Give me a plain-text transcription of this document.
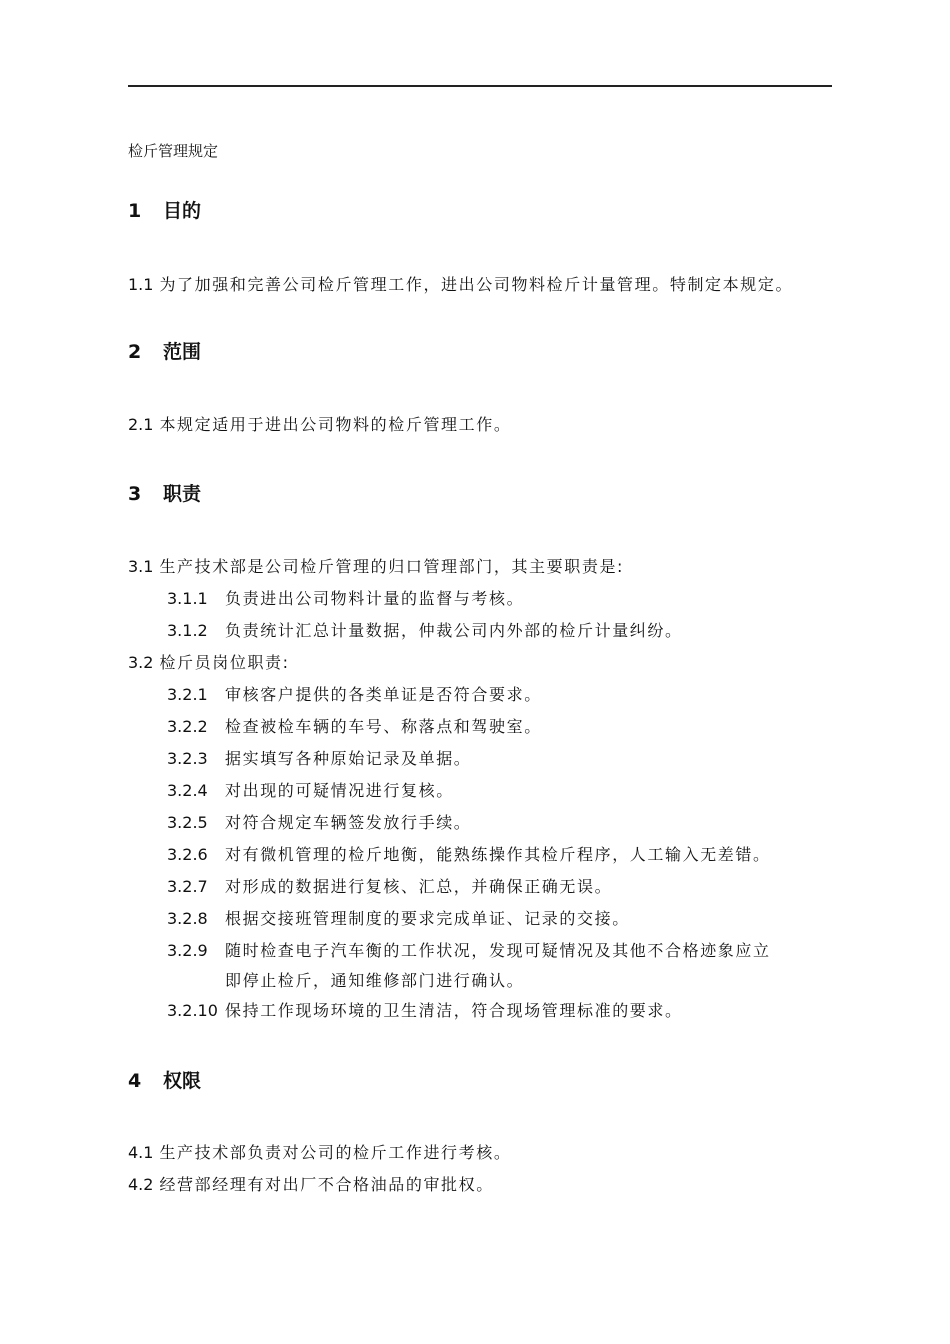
检斤管理规定
1 目的
1.1 为了加强和完善公司检斤管理工作，进出公司物料检斤计量管理。特制定本规定。
2 范围
2.1 本规定适用于进出公司物料的检斤管理工作。
3 职责
3.1 生产技术部是公司检斤管理的归口管理部门，其主要职责是:
3.1.1 负责进出公司物料计量的监督与考核。
3.1.2 负责统计汇总计量数据，仲裁公司内外部的检斤计量纠纷。
3.2 检斤员岗位职责:
3.2.1 审核客户提供的各类单证是否符合要求。
3.2.2 检查被检车辆的车号、称落点和驾驶室。
3.2.3 据实填写各种原始记录及单据。
3.2.4 对出现的可疑情况进行复核。
3.2.5 对符合规定车辆签发放行手续。
3.2.6 对有微机管理的检斤地衡，能熟练操作其检斤程序，人工输入无差错。
3.2.7 对形成的数据进行复核、汇总，并确保正确无误。
3.2.8 根据交接班管理制度的要求完成单证、记录的交接。
3.2.9 随时检查电子汽车衡的工作状况，发现可疑情况及其他不合格迹象应立
即停止检斤，通知维修部门进行确认。
3.2.10 保持工作现场环境的卫生清洁，符合现场管理标准的要求。
4 权限
4.1 生产技术部负责对公司的检斤工作进行考核。
4.2 经营部经理有对出厂不合格油品的审批权。
